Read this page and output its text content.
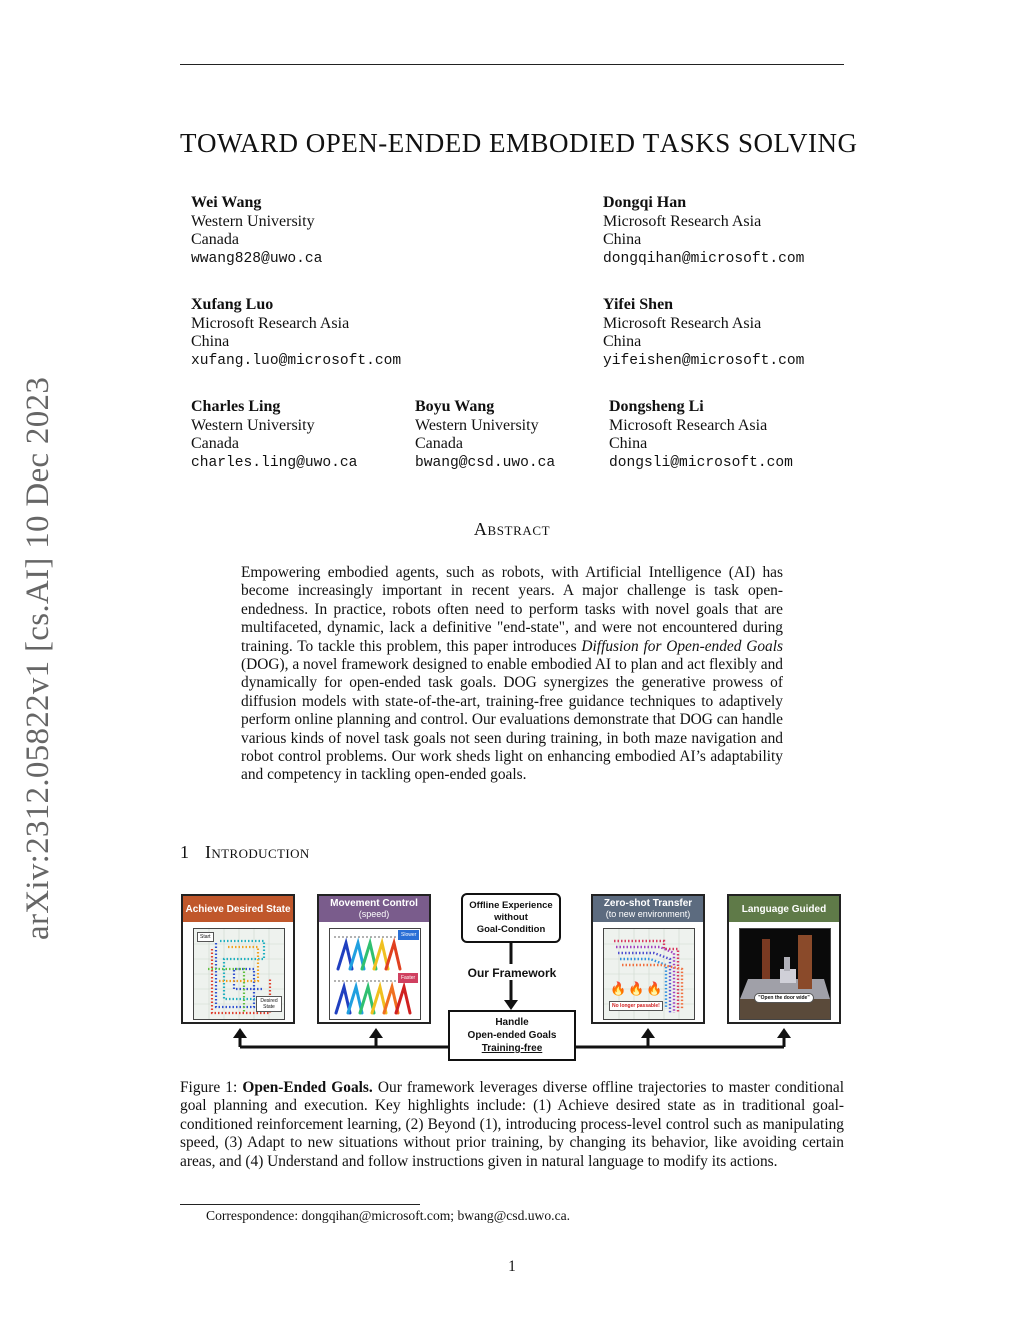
TOWARD OPEN-ENDED EMBODIED TASKS SOLVING
arXiv:2312.05822v1 [cs.AI] 10 Dec 2023
Wei Wang
Western University
Canada
wwang828@uwo.ca
Dongqi Han
Microsoft Research Asia
China
dongqihan@microsoft.com
Xufang Luo
Microsoft Research Asia
China
xufang.luo@microsoft.com
Yifei Shen
Microsoft Research Asia
China
yifeishen@microsoft.com
Charles Ling
Western University
Canada
charles.ling@uwo.ca
Boyu Wang
Western University
Canada
bwang@csd.uwo.ca
Dongsheng Li
Microsoft Research Asia
China
dongsli@microsoft.com
Abstract
Empowering embodied agents, such as robots, with Artificial Intelligence (AI) has become increasingly important in recent years. A major challenge is task open-endedness. In practice, robots often need to perform tasks with novel goals that are multifaceted, dynamic, lack a definitive "end-state", and were not encountered during training. To tackle this problem, this paper introduces Diffusion for Open-ended Goals (DOG), a novel framework designed to enable embodied AI to plan and act flexibly and dynamically for open-ended task goals. DOG synergizes the generative prowess of diffusion models with state-of-the-art, training-free guidance techniques to adaptively perform online planning and control. Our evaluations demonstrate that DOG can handle various kinds of novel task goals not seen during training, in both maze navigation and robot control problems. Our work sheds light on enhancing embodied AI’s adaptability and competency in tackling open-ended goals.
1 Introduction
Achieve Desired State
Start
Desired State
Movement Control
(speed)
Slower
Faster
Offline Experience
without
Goal-Condition
Our Framework
Handle
Open-ended Goals
Training-free
Zero-shot Transfer
(to new environment)
🔥 🔥 🔥
No longer passable!
Language Guided
"Open the door wide"
Figure 1: Open-Ended Goals. Our framework leverages diverse offline trajectories to master conditional goal planning and execution. Key highlights include: (1) Achieve desired state as in traditional goal-conditioned reinforcement learning, (2) Beyond (1), introducing process-level control such as manipulating speed, (3) Adapt to new situations without prior training, by changing its behavior, like avoiding certain areas, and (4) Understand and follow instructions given in natural language to modify its actions.
Correspondence: dongqihan@microsoft.com; bwang@csd.uwo.ca.
1
